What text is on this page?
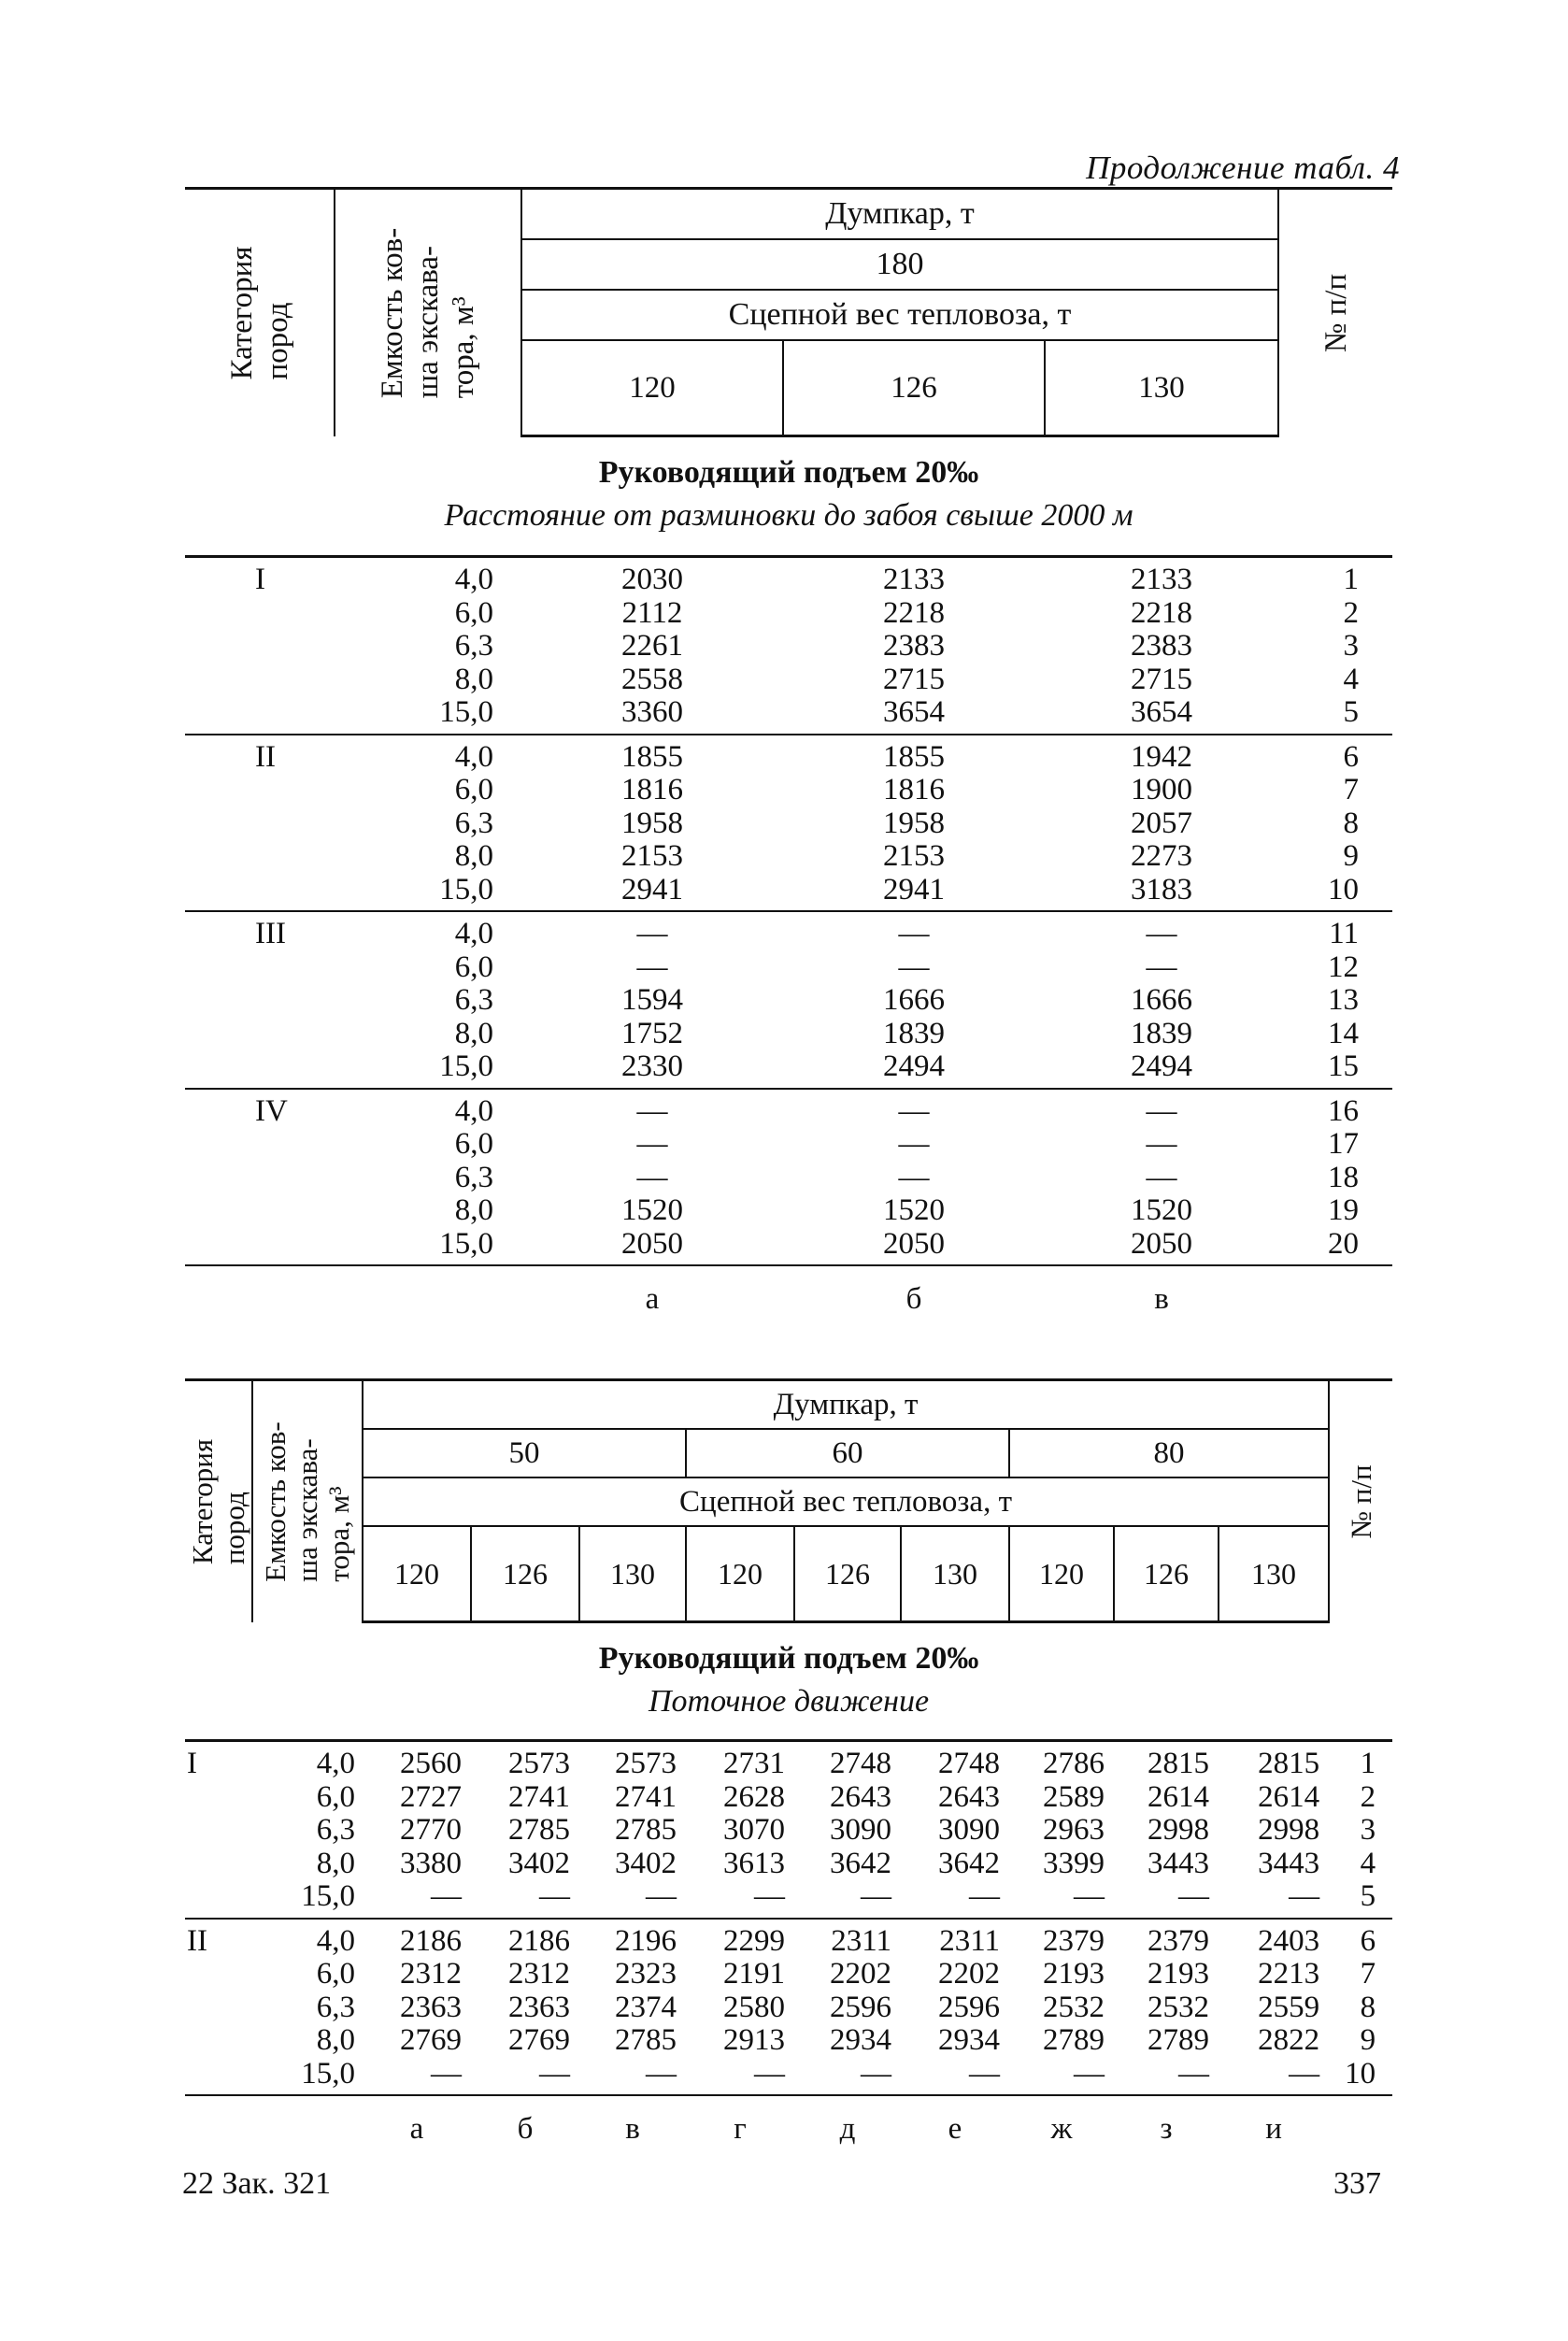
Продолжение табл. 4
Категория
пород	Емкость ков-
ша экскава-
тора, м³	Думпкар, т			№ п/п

		180			
		Сцепной вес тепловоза, т			
		120	126	130	

Руководящий подъем 20‰
Расстояние от разминовки до забоя свыше 2000 м					

I	4,0	2030	2133	2133	1
	6,0	2112	2218	2218	2
	6,3	2261	2383	2383	3
	8,0	2558	2715	2715	4
	15,0	3360	3654	3654	5
II	4,0	1855	1855	1942	6
	6,0	1816	1816	1900	7
	6,3	1958	1958	2057	8
	8,0	2153	2153	2273	9
	15,0	2941	2941	3183	10
III	4,0	—	—	—	11
	6,0	—	—	—	12
	6,3	1594	1666	1666	13
	8,0	1752	1839	1839	14
	15,0	2330	2494	2494	15
IV	4,0	—	—	—	16
	6,0	—	—	—	17
	6,3	—	—	—	18
	8,0	1520	1520	1520	19
	15,0	2050	2050	2050	20
		а	б	в	
Категория
пород	Емкость ков-
ша экскава-
тора, м³	Думпкар, т									№ п/п

		50			60			80			
		Сцепной вес тепловоза, т									
		120	126	130	120	126	130	120	126	130	

Руководящий подъем 20‰
Поточное движение											

I	4,0	2560	2573	2573	2731	2748	2748	2786	2815	2815	1
	6,0	2727	2741	2741	2628	2643	2643	2589	2614	2614	2
	6,3	2770	2785	2785	3070	3090	3090	2963	2998	2998	3
	8,0	3380	3402	3402	3613	3642	3642	3399	3443	3443	4
	15,0	—	—	—	—	—	—	—	—	—	5
II	4,0	2186	2186	2196	2299	2311	2311	2379	2379	2403	6
	6,0	2312	2312	2323	2191	2202	2202	2193	2193	2213	7
	6,3	2363	2363	2374	2580	2596	2596	2532	2532	2559	8
	8,0	2769	2769	2785	2913	2934	2934	2789	2789	2822	9
	15,0	—	—	—	—	—	—	—	—	—	10
		а	б	в	г	д	е	ж	з	и	
22 Зак. 321	337
